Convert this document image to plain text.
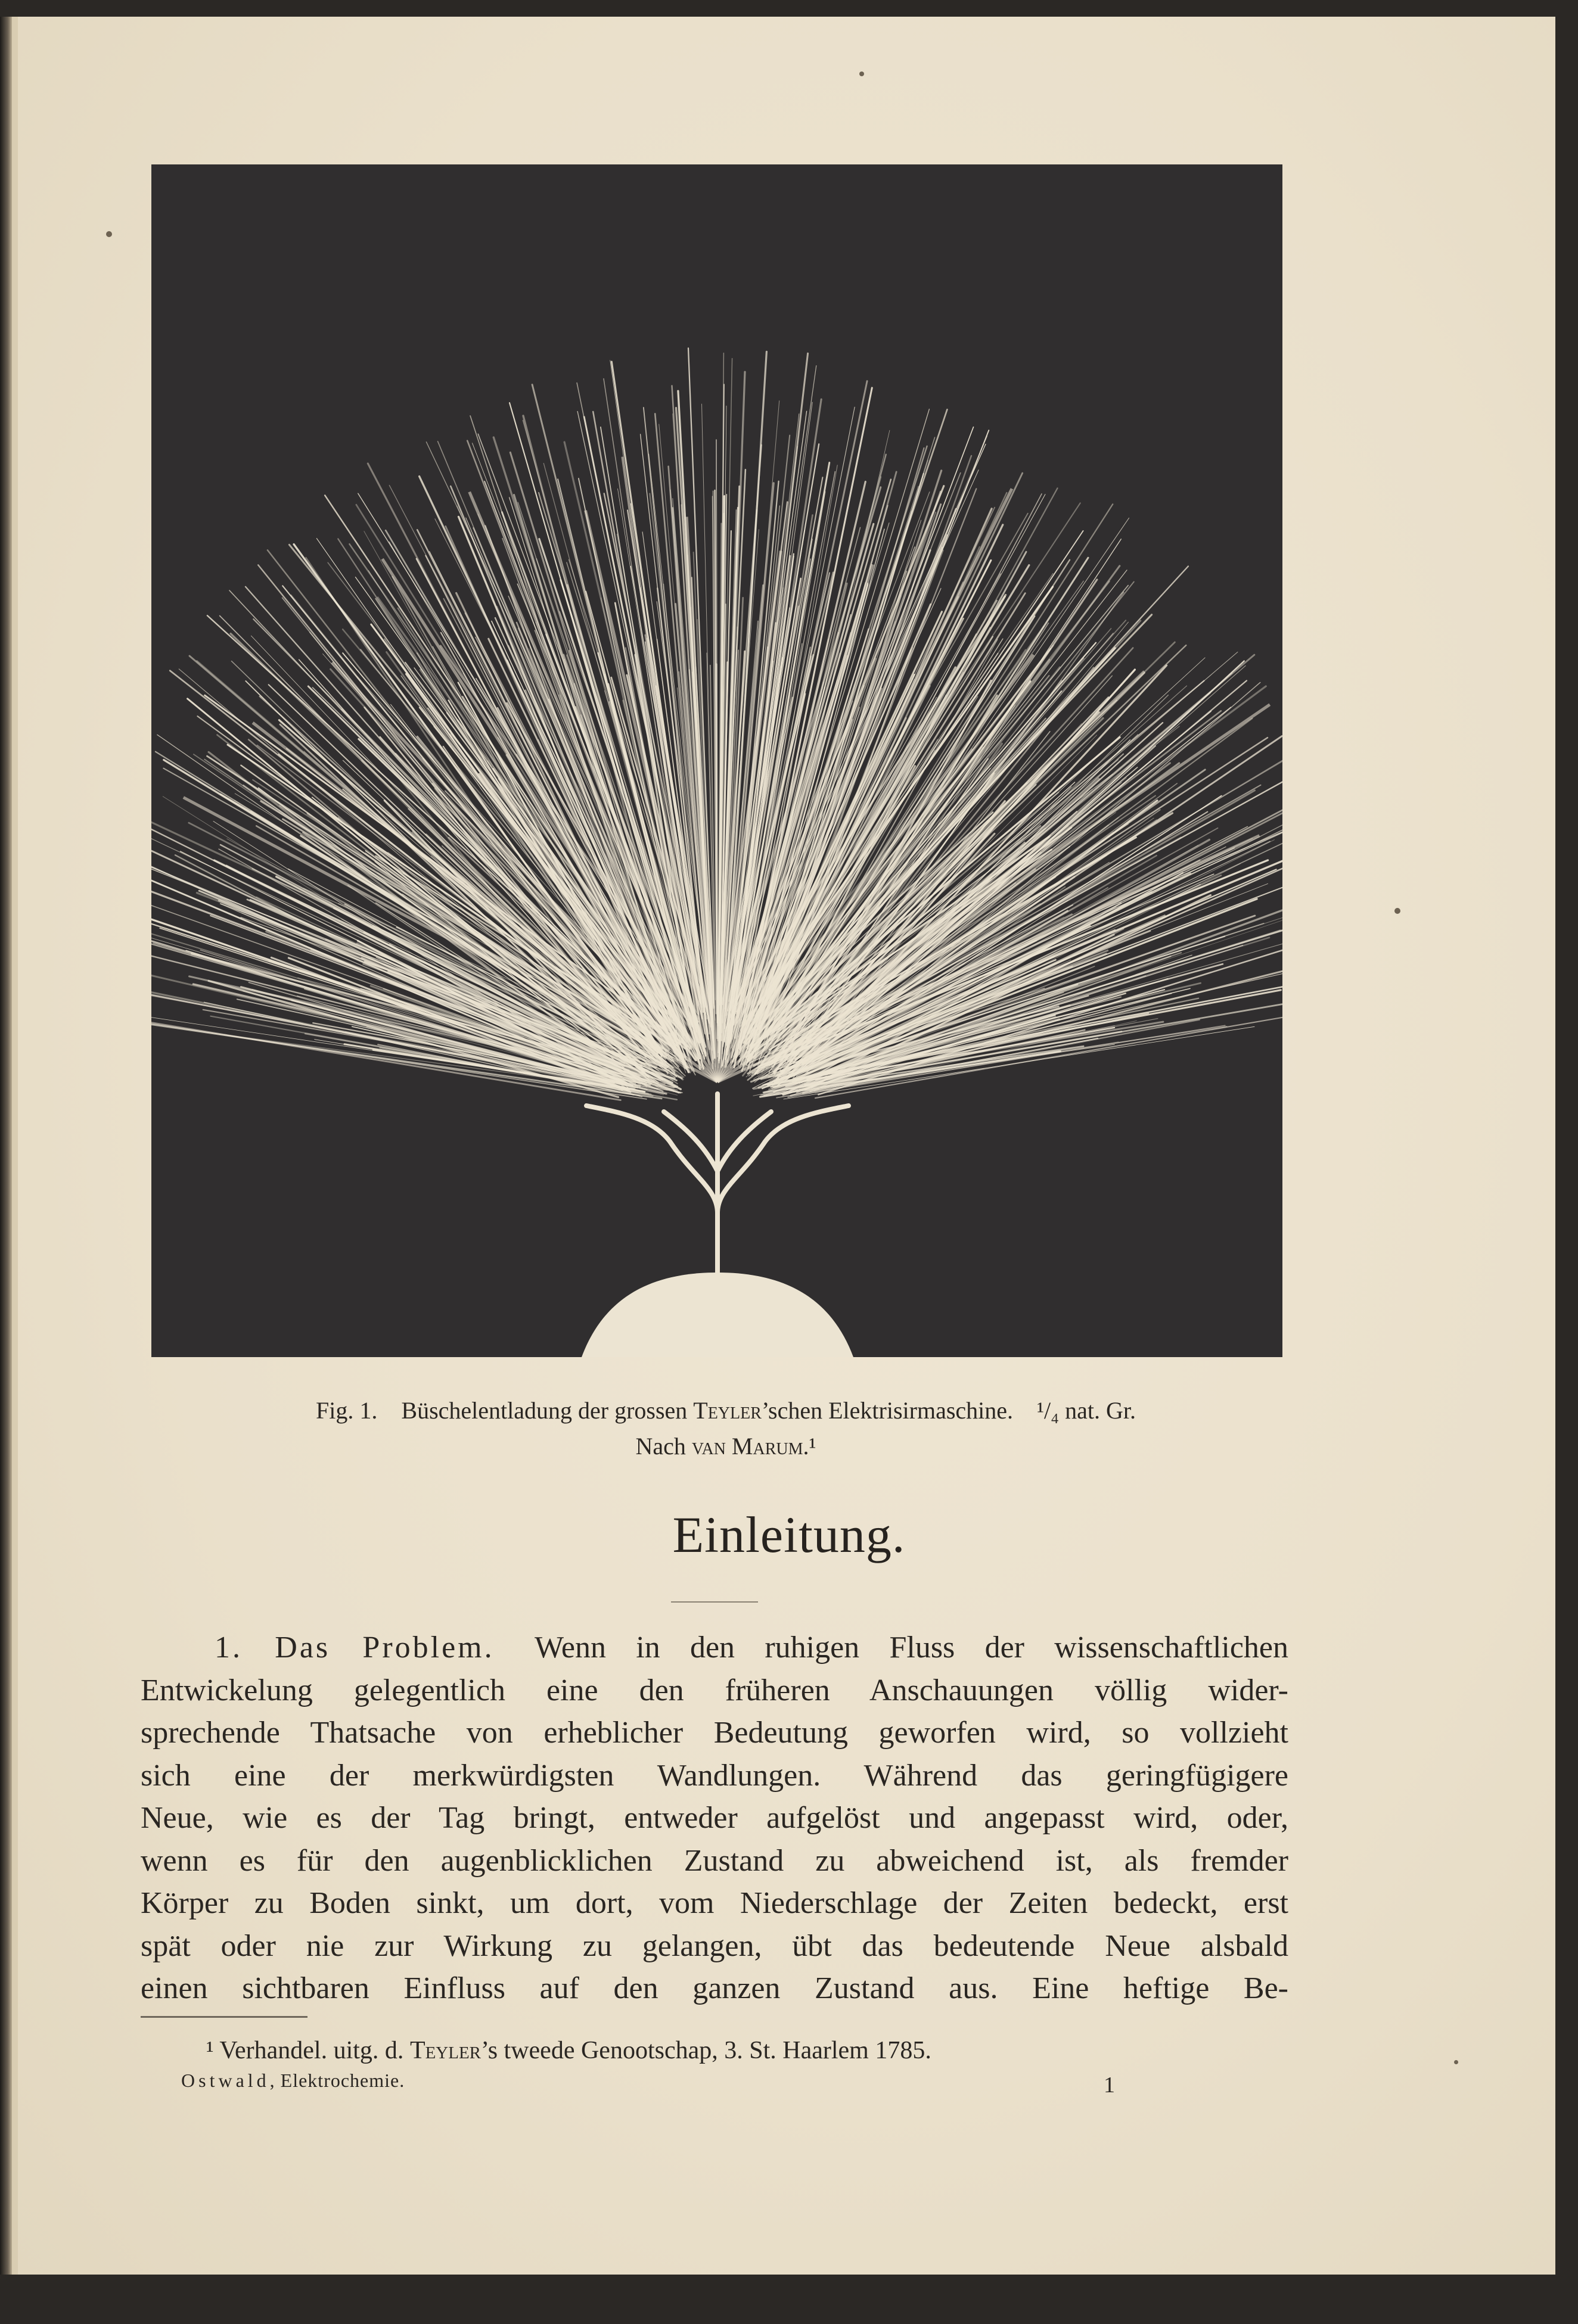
Fig. 1. Büschelentladung der grossen Teyler’schen Elektrisirmaschine. ¹/₄ nat. Gr.
Nach van Marum.¹
Einleitung.
1. Das Problem. Wenn in den ruhigen Fluss der wissenschaftlichen
Entwickelung gelegentlich eine den früheren Anschauungen völlig wider-
sprechende Thatsache von erheblicher Bedeutung geworfen wird, so vollzieht
sich eine der merkwürdigsten Wandlungen. Während das geringfügigere
Neue, wie es der Tag bringt, entweder aufgelöst und angepasst wird, oder,
wenn es für den augenblicklichen Zustand zu abweichend ist, als fremder
Körper zu Boden sinkt, um dort, vom Niederschlage der Zeiten bedeckt, erst
spät oder nie zur Wirkung zu gelangen, übt das bedeutende Neue alsbald
einen sichtbaren Einfluss auf den ganzen Zustand aus. Eine heftige Be-
¹ Verhandel. uitg. d. Teyler’s tweede Genootschap, 3. St. Haarlem 1785.
Ostwald, Elektrochemie.	1
